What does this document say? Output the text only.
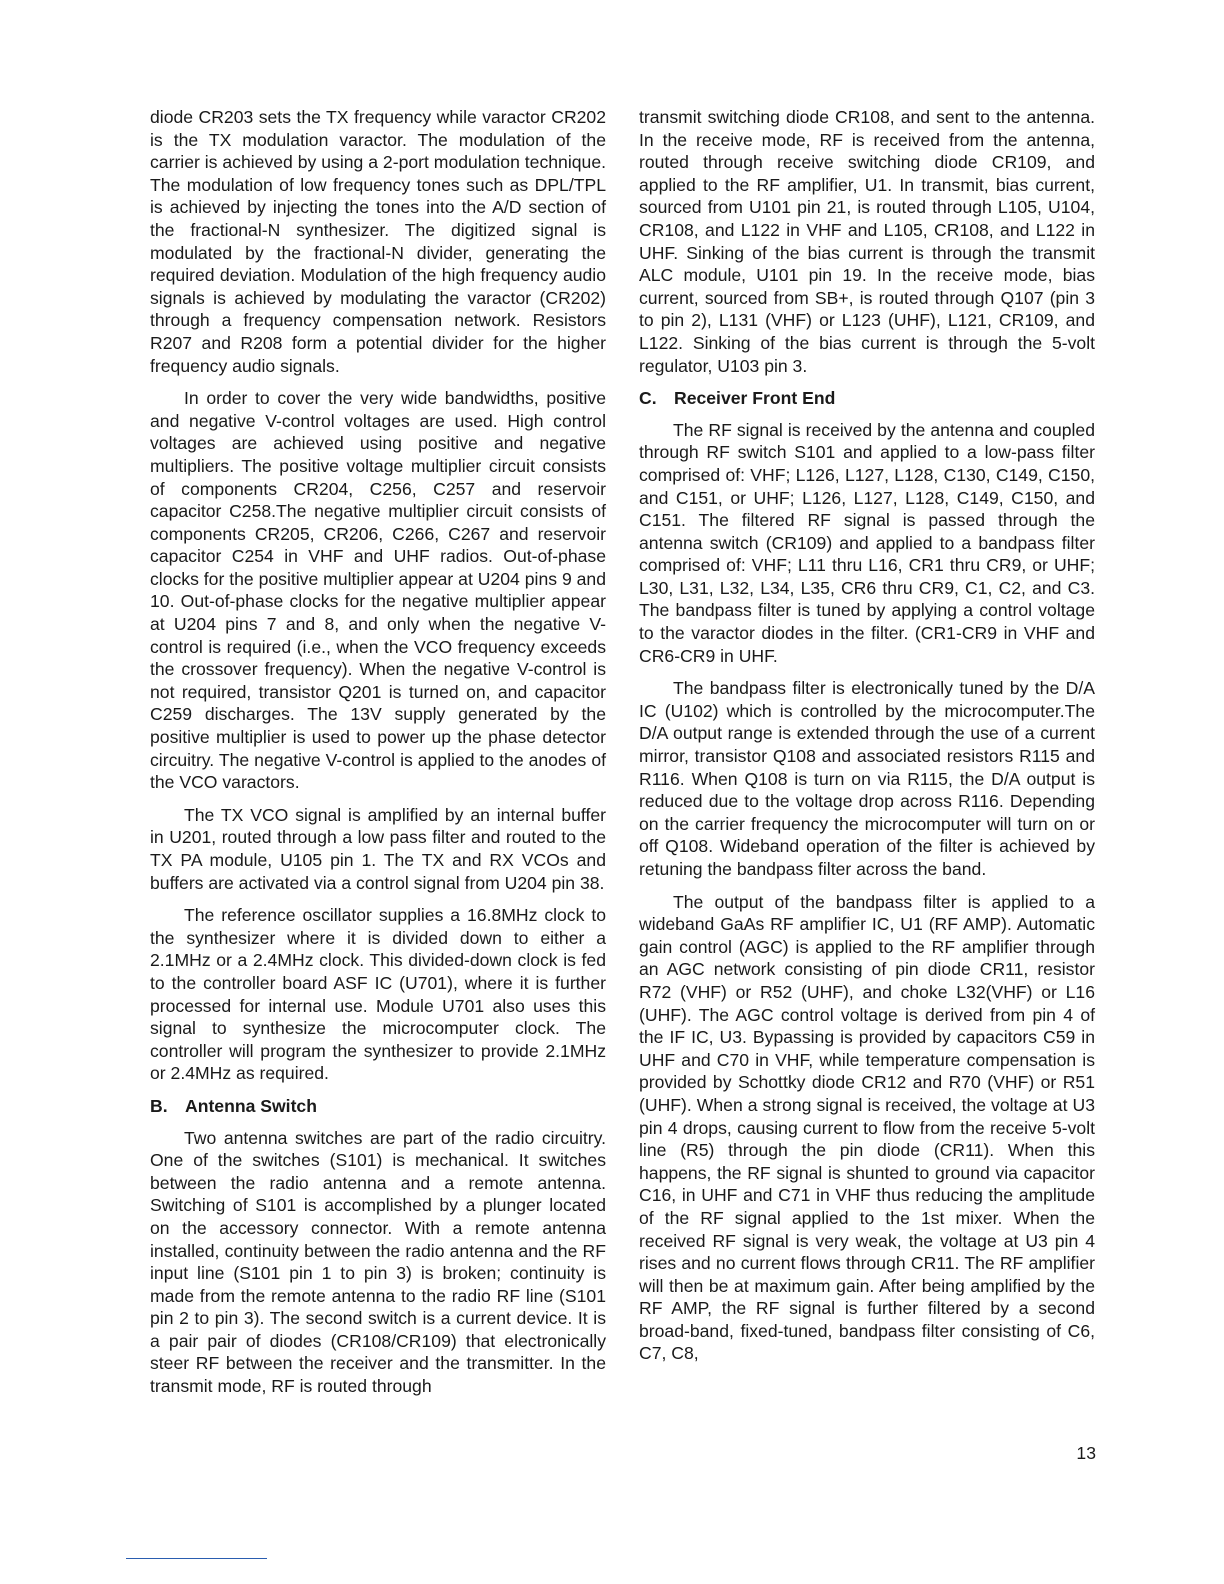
diode CR203 sets the TX frequency while varactor CR202 is the TX modulation varactor. The modulation of the carrier is achieved by using a 2-port modulation technique. The modulation of low frequency tones such as DPL/TPL is achieved by injecting the tones into the A/D section of the fractional-N synthesizer. The digitized signal is modulated by the fractional-N divider, generating the required deviation. Modulation of the high frequency audio signals is achieved by modulating the varactor (CR202) through a frequency compensation network. Resistors R207 and R208 form a potential divider for the higher frequency audio signals.

In order to cover the very wide bandwidths, positive and negative V-control voltages are used. High control voltages are achieved using positive and negative multipliers. The positive voltage multiplier circuit consists of components CR204, C256, C257 and reservoir capacitor C258.The negative multiplier circuit consists of components CR205, CR206, C266, C267 and reservoir capacitor C254 in VHF and UHF radios. Out-of-phase clocks for the positive multiplier appear at U204 pins 9 and 10. Out-of-phase clocks for the negative multiplier appear at U204 pins 7 and 8, and only when the negative V-control is required (i.e., when the VCO frequency exceeds the crossover frequency). When the negative V-control is not required, transistor Q201 is turned on, and capacitor C259 discharges. The 13V supply generated by the positive multiplier is used to power up the phase detector circuitry. The negative V-control is applied to the anodes of the VCO varactors.

The TX VCO signal is amplified by an internal buffer in U201, routed through a low pass filter and routed to the TX PA module, U105 pin 1. The TX and RX VCOs and buffers are activated via a control signal from U204 pin 38.

The reference oscillator supplies a 16.8MHz clock to the synthesizer where it is divided down to either a 2.1MHz or a 2.4MHz clock. This divided-down clock is fed to the controller board ASF IC (U701), where it is further processed for internal use. Module U701 also uses this signal to synthesize the microcomputer clock. The controller will program the synthesizer to provide 2.1MHz or 2.4MHz as required.

B. Antenna Switch

Two antenna switches are part of the radio circuitry. One of the switches (S101) is mechanical. It switches between the radio antenna and a remote antenna. Switching of S101 is accomplished by a plunger located on the accessory connector. With a remote antenna installed, continuity between the radio antenna and the RF input line (S101 pin 1 to pin 3) is broken; continuity is made from the remote antenna to the radio RF line (S101 pin 2 to pin 3). The second switch is a current device. It is a pair pair of diodes (CR108/CR109) that electronically steer RF between the receiver and the transmitter. In the transmit mode, RF is routed through

transmit switching diode CR108, and sent to the antenna. In the receive mode, RF is received from the antenna, routed through receive switching diode CR109, and applied to the RF amplifier, U1. In transmit, bias current, sourced from U101 pin 21, is routed through L105, U104, CR108, and L122 in VHF and L105, CR108, and L122 in UHF. Sinking of the bias current is through the transmit ALC module, U101 pin 19. In the receive mode, bias current, sourced from SB+, is routed through Q107 (pin 3 to pin 2), L131 (VHF) or L123 (UHF), L121, CR109, and L122. Sinking of the bias current is through the 5-volt regulator, U103 pin 3.

C. Receiver Front End

The RF signal is received by the antenna and coupled through RF switch S101 and applied to a low-pass filter comprised of: VHF; L126, L127, L128, C130, C149, C150, and C151, or UHF; L126, L127, L128, C149, C150, and C151. The filtered RF signal is passed through the antenna switch (CR109) and applied to a bandpass filter comprised of: VHF; L11 thru L16, CR1 thru CR9, or UHF; L30, L31, L32, L34, L35, CR6 thru CR9, C1, C2, and C3. The bandpass filter is tuned by applying a control voltage to the varactor diodes in the filter. (CR1-CR9 in VHF and CR6-CR9 in UHF.

The bandpass filter is electronically tuned by the D/A IC (U102) which is controlled by the microcomputer.The D/A output range is extended through the use of a current mirror, transistor Q108 and associated resistors R115 and R116. When Q108 is turn on via R115, the D/A output is reduced due to the voltage drop across R116. Depending on the carrier frequency the microcomputer will turn on or off Q108. Wideband operation of the filter is achieved by retuning the bandpass filter across the band.

The output of the bandpass filter is applied to a wideband GaAs RF amplifier IC, U1 (RF AMP). Automatic gain control (AGC) is applied to the RF amplifier through an AGC network consisting of pin diode CR11, resistor R72 (VHF) or R52 (UHF), and choke L32(VHF) or L16 (UHF). The AGC control voltage is derived from pin 4 of the IF IC, U3. Bypassing is provided by capacitors C59 in UHF and C70 in VHF, while temperature compensation is provided by Schottky diode CR12 and R70 (VHF) or R51 (UHF). When a strong signal is received, the voltage at U3 pin 4 drops, causing current to flow from the receive 5-volt line (R5) through the pin diode (CR11). When this happens, the RF signal is shunted to ground via capacitor C16, in UHF and C71 in VHF thus reducing the amplitude of the RF signal applied to the 1st mixer. When the received RF signal is very weak, the voltage at U3 pin 4 rises and no current flows through CR11. The RF amplifier will then be at maximum gain. After being amplified by the RF AMP, the RF signal is further filtered by a second broad-band, fixed-tuned, bandpass filter consisting of C6, C7, C8,

13
